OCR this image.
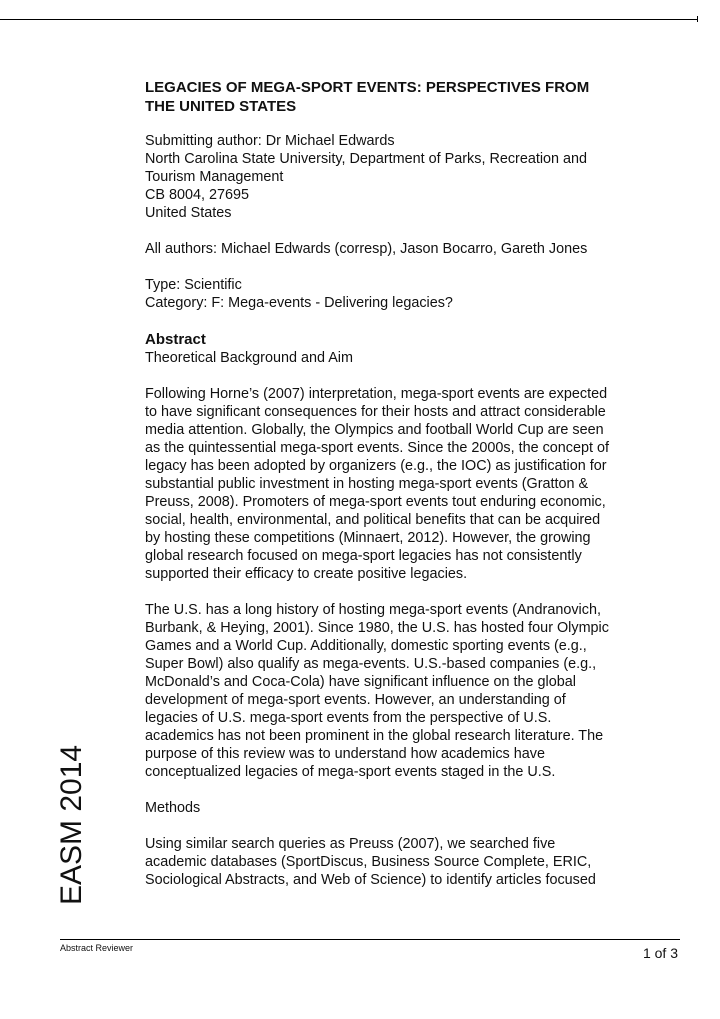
LEGACIES OF MEGA-SPORT EVENTS: PERSPECTIVES FROM
THE UNITED STATES
Submitting author: Dr Michael Edwards
North Carolina State University, Department of Parks, Recreation and
Tourism Management
CB 8004, 27695
United States
All authors: Michael Edwards (corresp), Jason Bocarro, Gareth Jones
Type: Scientific
Category: F: Mega-events - Delivering legacies?
Abstract
Theoretical Background and Aim
Following Horne’s (2007) interpretation, mega-sport events are expected
to have significant consequences for their hosts and attract considerable
media attention. Globally, the Olympics and football World Cup are seen
as the quintessential mega-sport events. Since the 2000s, the concept of
legacy has been adopted by organizers (e.g., the IOC) as justification for
substantial public investment in hosting mega-sport events (Gratton &
Preuss, 2008). Promoters of mega-sport events tout enduring economic,
social, health, environmental, and political benefits that can be acquired
by hosting these competitions (Minnaert, 2012). However, the growing
global research focused on mega-sport legacies has not consistently
supported their efficacy to create positive legacies.
The U.S. has a long history of hosting mega-sport events (Andranovich,
Burbank, & Heying, 2001). Since 1980, the U.S. has hosted four Olympic
Games and a World Cup. Additionally, domestic sporting events (e.g.,
Super Bowl) also qualify as mega-events. U.S.-based companies (e.g.,
McDonald’s and Coca-Cola) have significant influence on the global
development of mega-sport events. However, an understanding of
legacies of U.S. mega-sport events from the perspective of U.S.
academics has not been prominent in the global research literature. The
purpose of this review was to understand how academics have
conceptualized legacies of mega-sport events staged in the U.S.
Methods
Using similar search queries as Preuss (2007), we searched five
academic databases (SportDiscus, Business Source Complete, ERIC,
Sociological Abstracts, and Web of Science) to identify articles focused
EASM 2014
Abstract Reviewer	1 of 3
